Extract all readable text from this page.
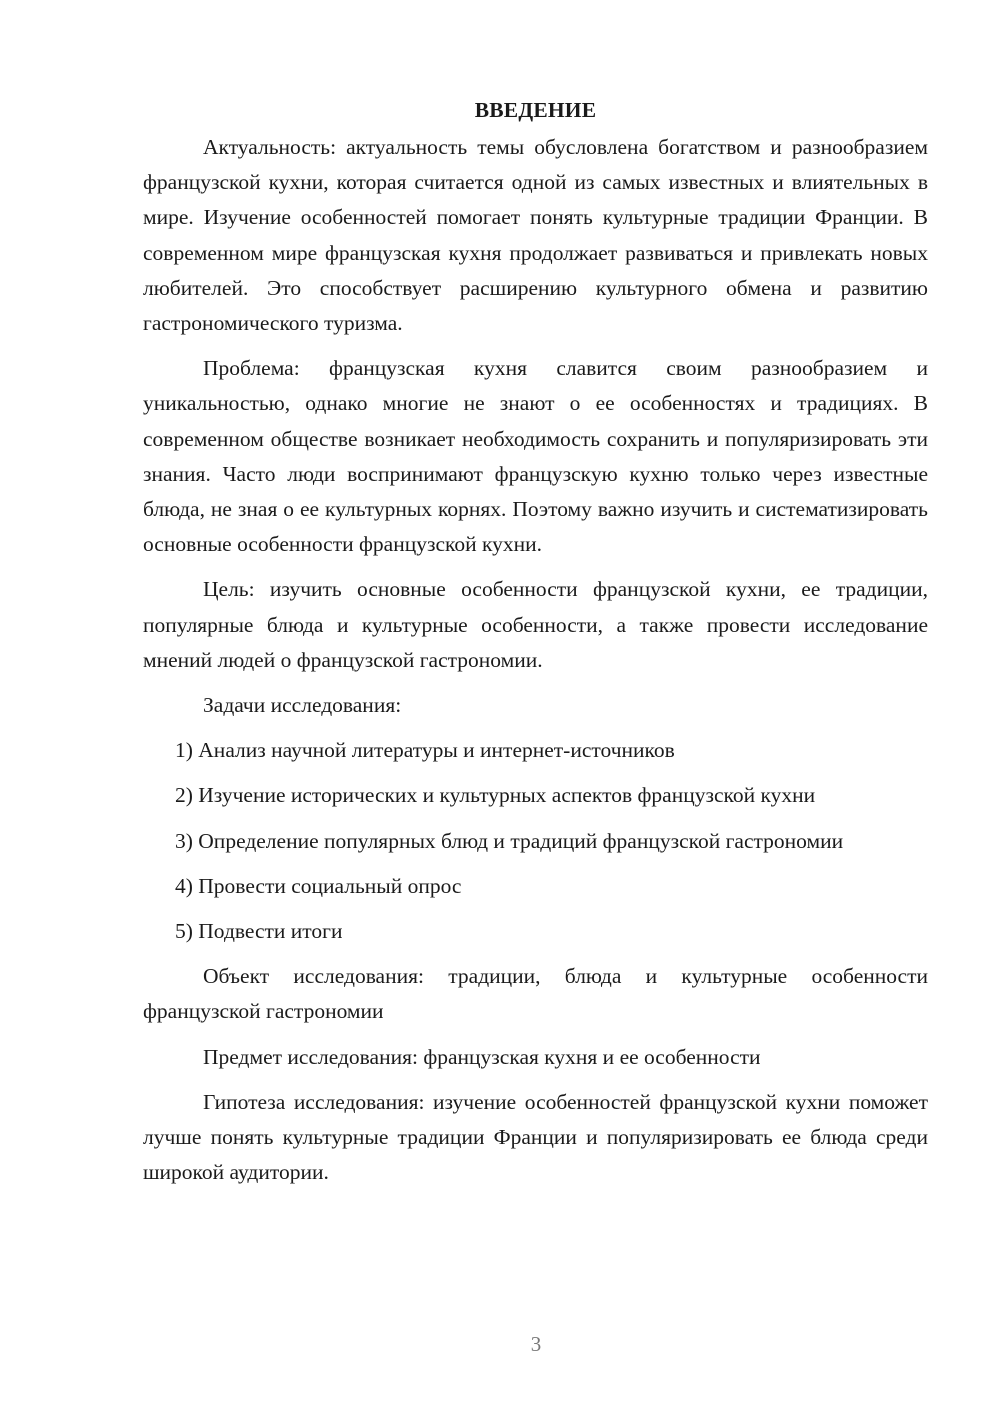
ВВЕДЕНИЕ

Актуальность: актуальность темы обусловлена богатством и разнообразием французской кухни, которая считается одной из самых известных и влиятельных в мире. Изучение особенностей помогает понять культурные традиции Франции. В современном мире французская кухня продолжает развиваться и привлекать новых любителей. Это способствует расширению культурного обмена и развитию гастрономического туризма.

Проблема: французская кухня славится своим разнообразием и уникальностью, однако многие не знают о ее особенностях и традициях. В современном обществе возникает необходимость сохранить и популяризировать эти знания. Часто люди воспринимают французскую кухню только через известные блюда, не зная о ее культурных корнях. Поэтому важно изучить и систематизировать основные особенности французской кухни.

Цель: изучить основные особенности французской кухни, ее традиции, популярные блюда и культурные особенности, а также провести исследование мнений людей о французской гастрономии.

Задачи исследования:

1) Анализ научной литературы и интернет-источников

2) Изучение исторических и культурных аспектов французской кухни

3) Определение популярных блюд и традиций французской гастрономии

4) Провести социальный опрос

5) Подвести итоги

Объект исследования: традиции, блюда и культурные особенности французской гастрономии

Предмет исследования: французская кухня и ее особенности

Гипотеза исследования: изучение особенностей французской кухни поможет лучше понять культурные традиции Франции и популяризировать ее блюда среди широкой аудитории.

3
